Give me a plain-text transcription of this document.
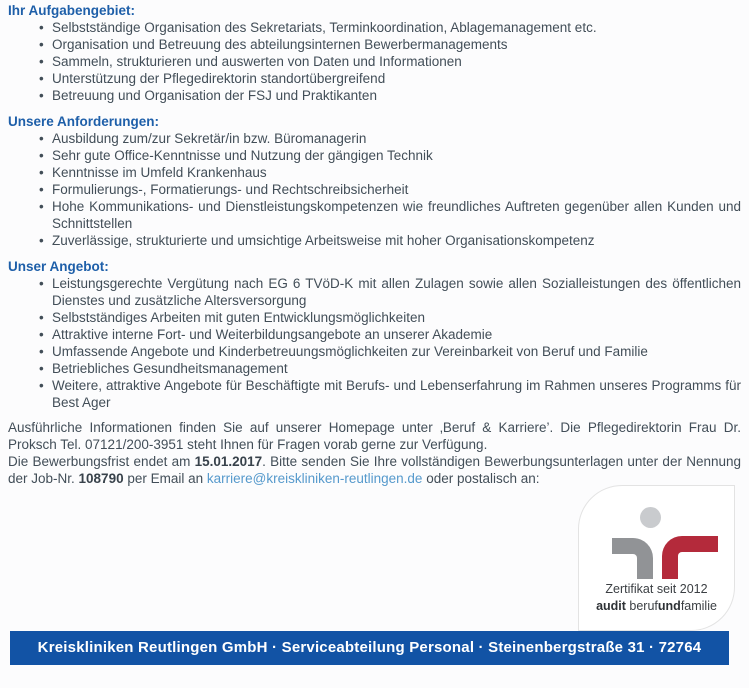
Ihr Aufgabengebiet:
• Selbstständige Organisation des Sekretariats, Terminkoordination, Ablagemanagement etc.
• Organisation und Betreuung des abteilungsinternen Bewerbermanagements
• Sammeln, strukturieren und auswerten von Daten und Informationen
• Unterstützung der Pflegedirektorin standortübergreifend
• Betreuung und Organisation der FSJ und Praktikanten
Unsere Anforderungen:
• Ausbildung zum/zur Sekretär/in bzw. Büromanagerin
• Sehr gute Office-Kenntnisse und Nutzung der gängigen Technik
• Kenntnisse im Umfeld Krankenhaus
• Formulierungs-, Formatierungs- und Rechtschreibsicherheit
• Hohe Kommunikations- und Dienstleistungskompetenzen wie freundliches Auftreten gegenüber allen Kunden und Schnittstellen
• Zuverlässige, strukturierte und umsichtige Arbeitsweise mit hoher Organisationskompetenz
Unser Angebot:
• Leistungsgerechte Vergütung nach EG 6 TVöD-K mit allen Zulagen sowie allen Sozialleistungen des öffentlichen Dienstes und zusätzliche Altersversorgung
• Selbstständiges Arbeiten mit guten Entwicklungsmöglichkeiten
• Attraktive interne Fort- und Weiterbildungsangebote an unserer Akademie
• Umfassende Angebote und Kinderbetreuungsmöglichkeiten zur Vereinbarkeit von Beruf und Familie
• Betriebliches Gesundheitsmanagement
• Weitere, attraktive Angebote für Beschäftigte mit Berufs- und Lebenserfahrung im Rahmen unseres Programms für Best Ager

Ausführliche Informationen finden Sie auf unserer Homepage unter ‚Beruf & Karriere’. Die Pflegedirektorin Frau Dr. Proksch Tel. 07121/200-3951 steht Ihnen für Fragen vorab gerne zur Verfügung.

Die Bewerbungsfrist endet am 15.01.2017. Bitte senden Sie Ihre vollständigen Bewerbungsunterlagen unter der Nennung der Job-Nr. 108790 per Email an karriere@kreiskliniken-reutlingen.de oder postalisch an:

Zertifikat seit 2012
audit berufundfamilie
Kreiskliniken Reutlingen GmbH · Serviceabteilung Personal · Steinenbergstraße 31 · 72764
